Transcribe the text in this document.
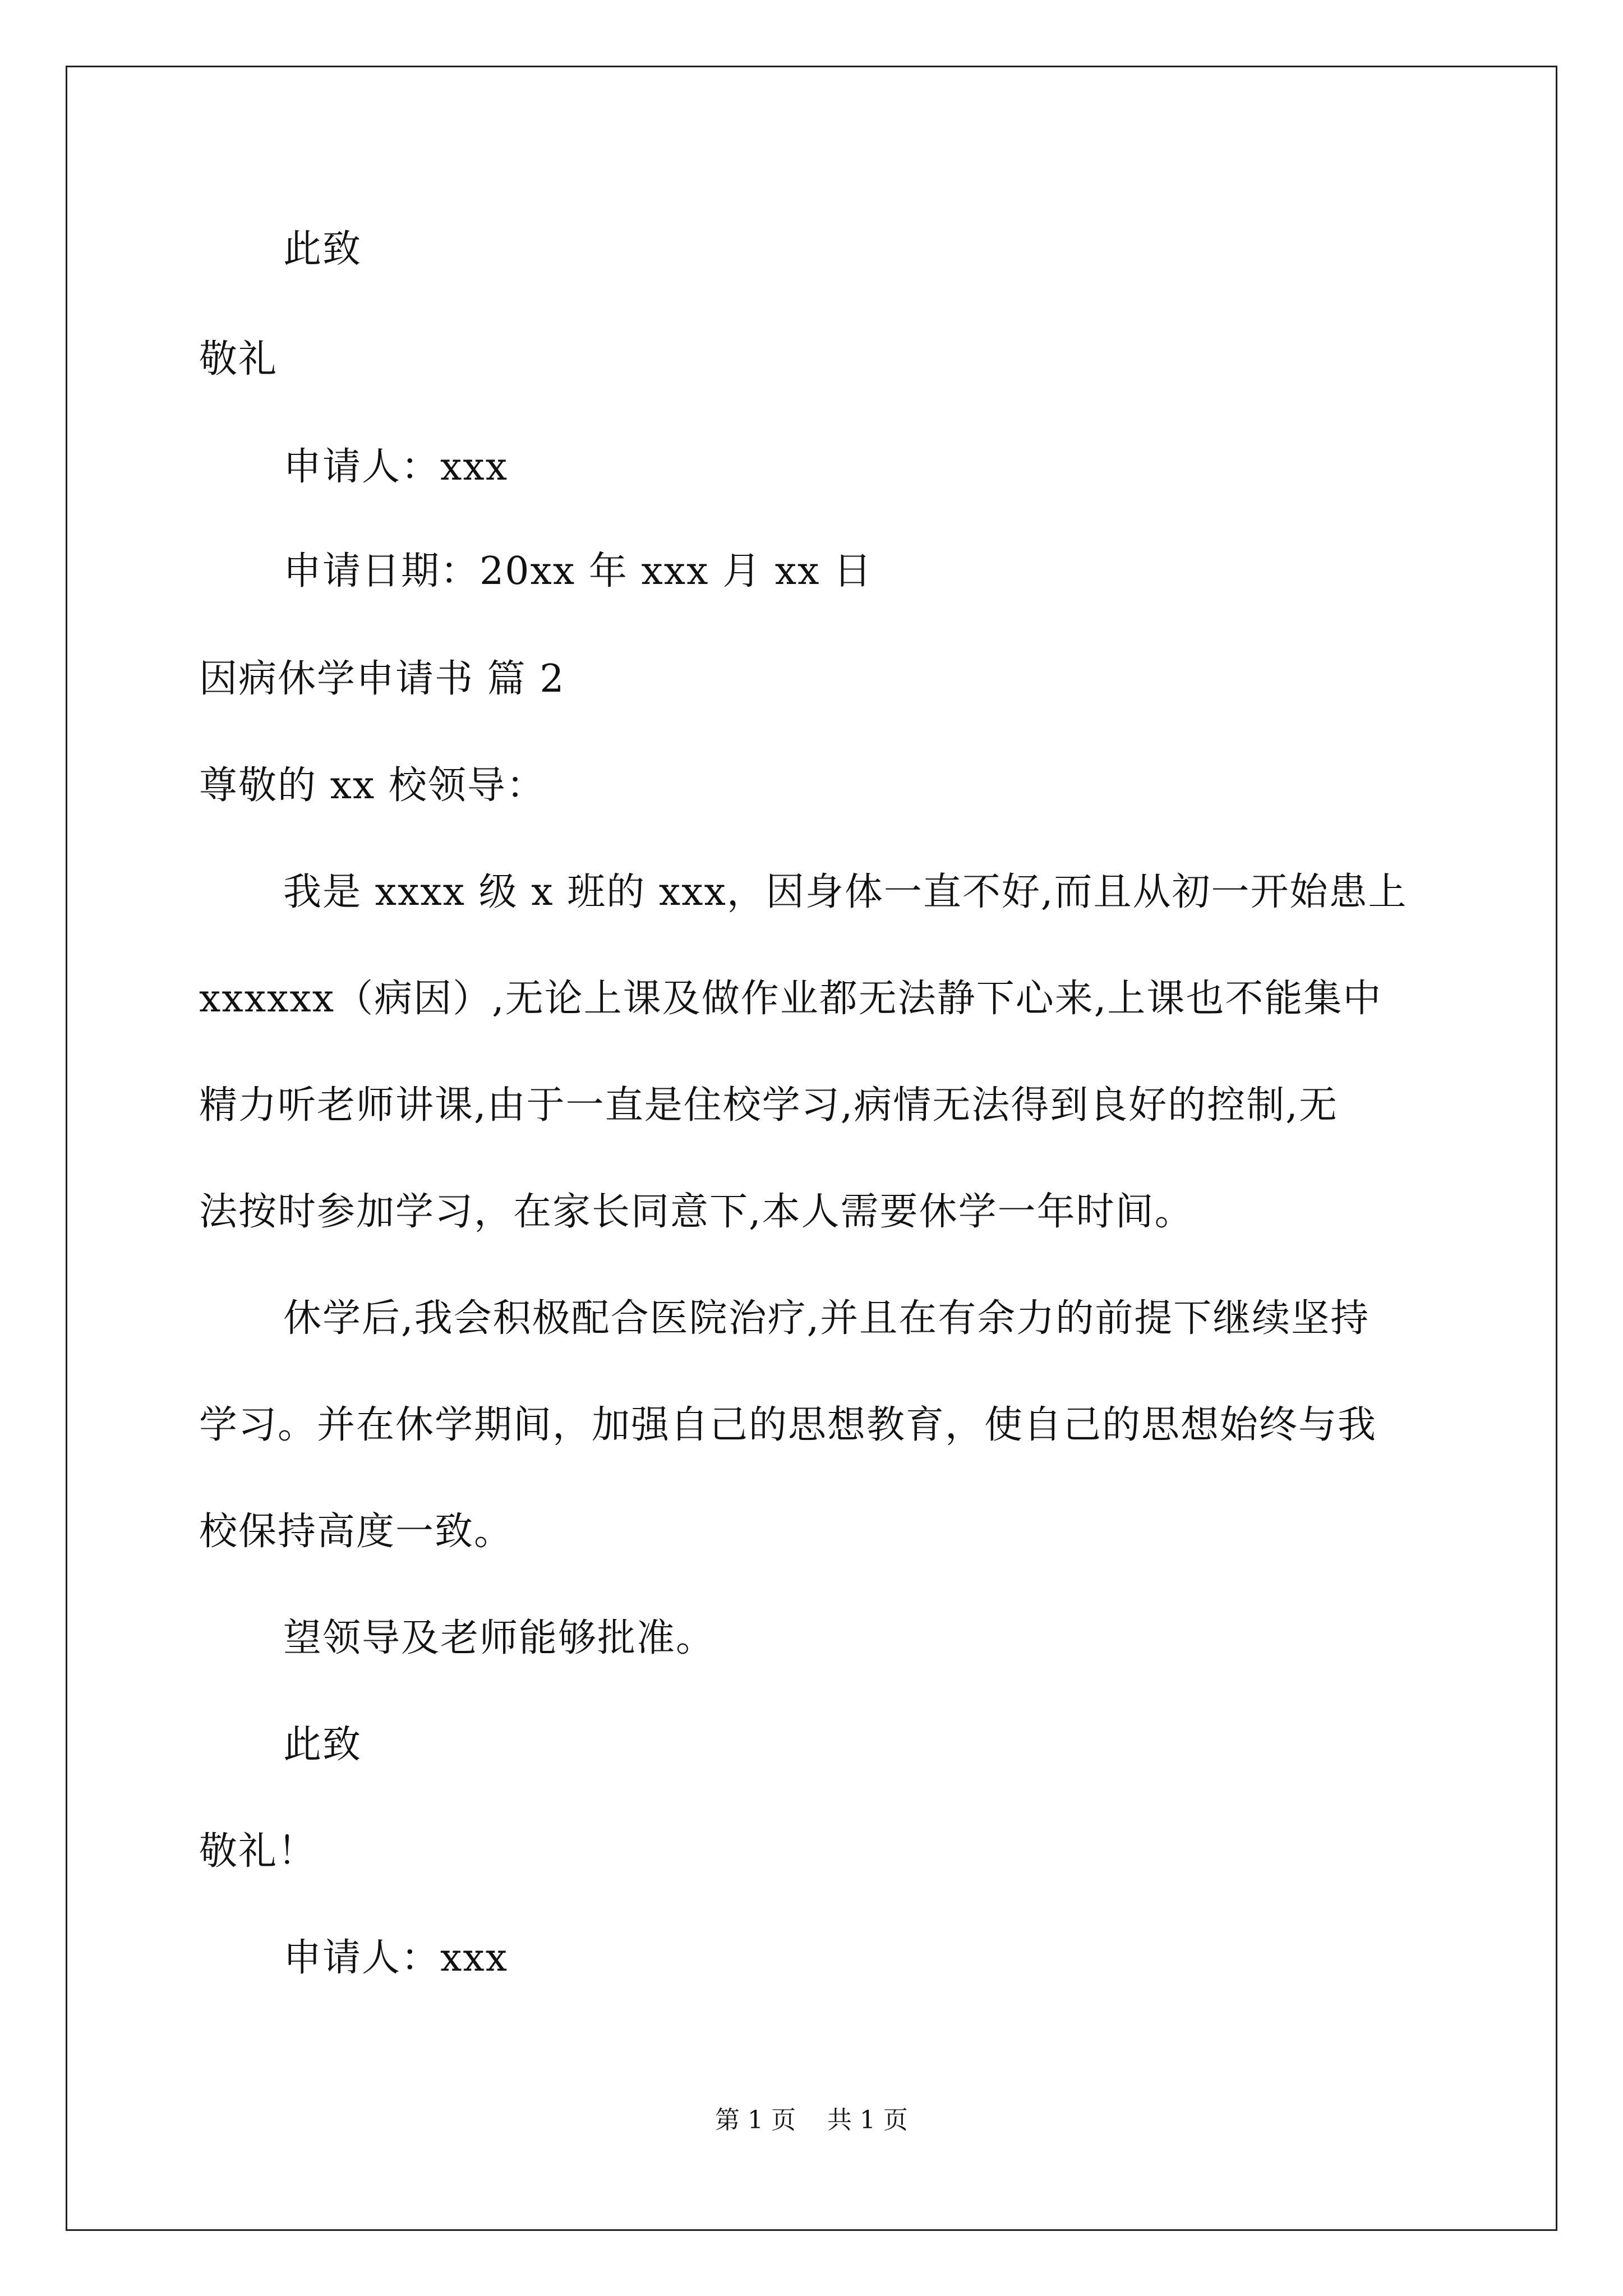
此致
敬礼
申请人：xxx
申请日期：20xx 年 xxx 月 xx 日
因病休学申请书 篇 2
尊敬的 xx 校领导：
我是 xxxx 级 x 班的 xxx，因身体一直不好,而且从初一开始患上
xxxxxx（病因）,无论上课及做作业都无法静下心来,上课也不能集中
精力听老师讲课,由于一直是住校学习,病情无法得到良好的控制,无
法按时参加学习，在家长同意下,本人需要休学一年时间。
休学后,我会积极配合医院治疗,并且在有余力的前提下继续坚持
学习。并在休学期间，加强自己的思想教育，使自己的思想始终与我
校保持高度一致。
望领导及老师能够批准。
此致
敬礼！
申请人：xxx
第 1 页    共 1 页
